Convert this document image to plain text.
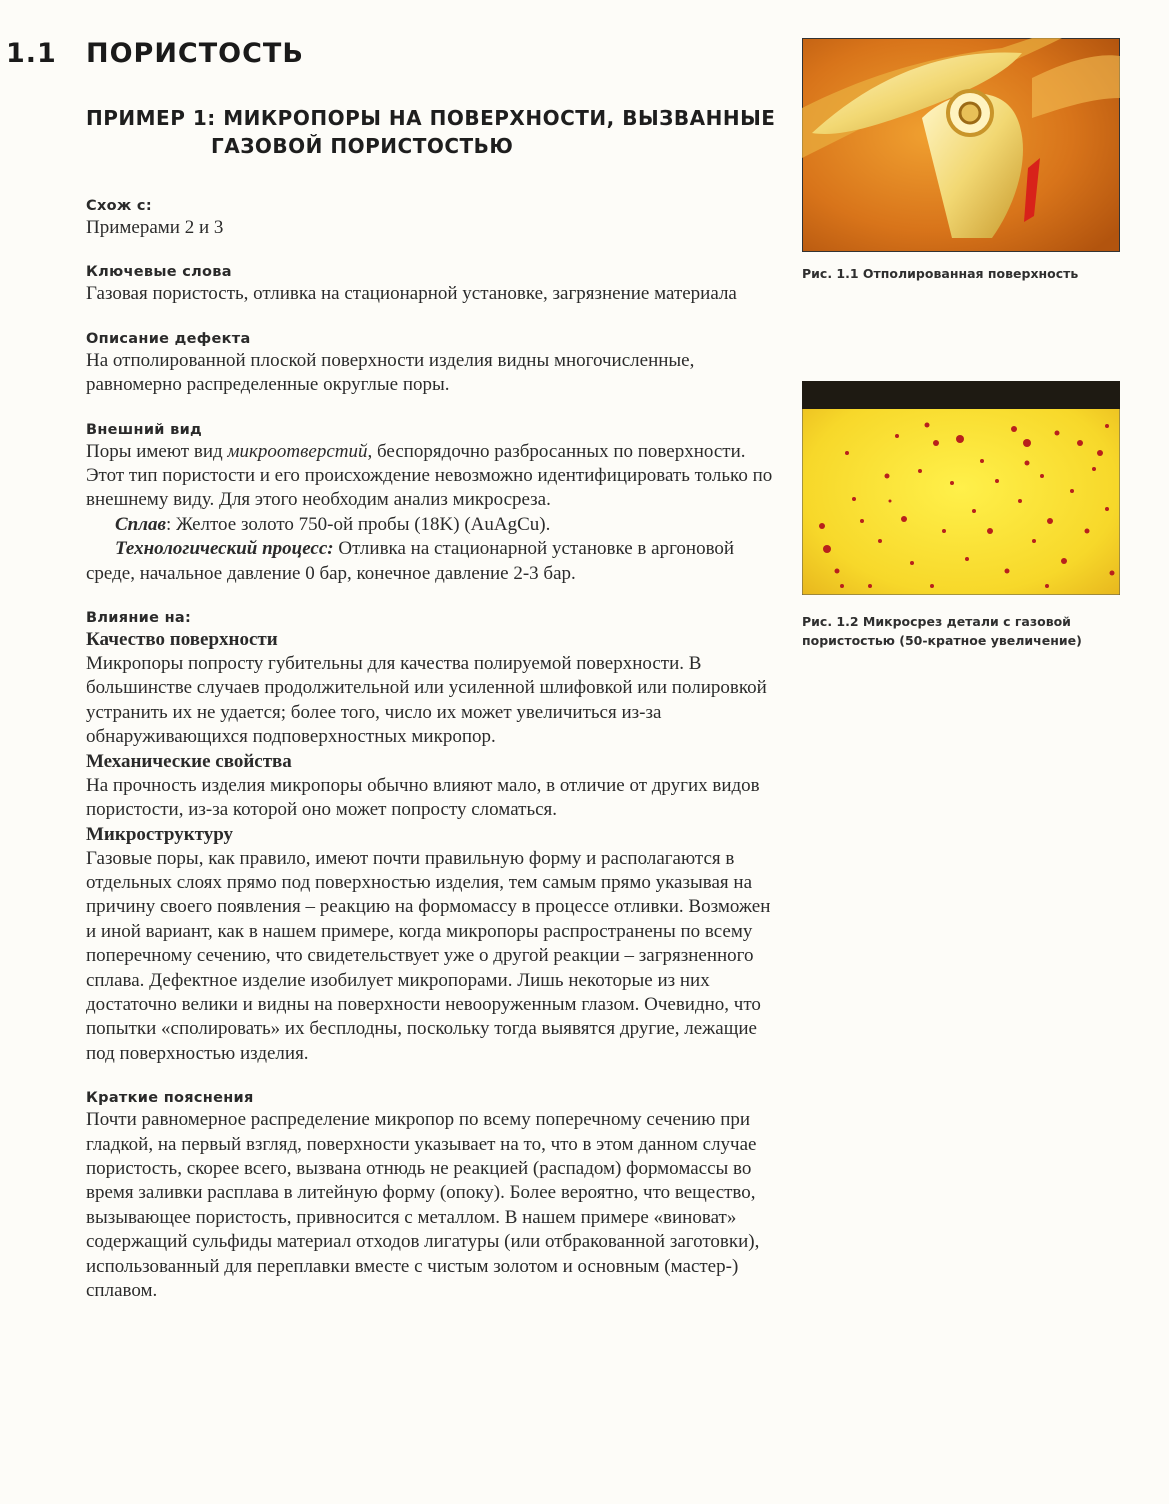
1.1 ПОРИСТОСТЬ
ПРИМЕР 1: МИКРОПОРЫ НА ПОВЕРХНОСТИ, ВЫЗВАННЫЕ
ГАЗОВОЙ ПОРИСТОСТЬЮ
Схож с:

Примерами 2 и 3

Ключевые слова

Газовая пористость, отливка на стационарной установке, загрязнение материала

Описание дефекта

На отполированной плоской поверхности изделия видны многочисленные, равномерно распределенные округлые поры.

Внешний вид

Поры имеют вид микроотверстий, беспорядочно разбросанных по поверхности. Этот тип пористости и его происхождение невозможно идентифицировать только по внешнему виду. Для этого необходим анализ микросреза.

Сплав: Желтое золото 750-ой пробы (18K) (AuAgCu).

Технологический процесс: Отливка на стационарной установке в аргоновой среде, начальное давление 0 бар, конечное давление 2-3 бар.

Влияние на:
Качество поверхности

Микропоры попросту губительны для качества полируемой поверхности. В большинстве случаев продолжительной или усиленной шлифовкой или полировкой устранить их не удается; более того, число их может увеличиться из-за обнаруживающихся подповерхностных микропор.

Механические свойства

На прочность изделия микропоры обычно влияют мало, в отличие от других видов пористости, из-за которой оно может попросту сломаться.

Микроструктуру

Газовые поры, как правило, имеют почти правильную форму и располагаются в отдельных слоях прямо под поверхностью изделия, тем самым прямо указывая на причину своего появления – реакцию на формомассу в процессе отливки. Возможен и иной вариант, как в нашем примере, когда микропоры распространены по всему поперечному сечению, что свидетельствует уже о другой реакции – загрязненного сплава. Дефектное изделие изобилует микропорами. Лишь некоторые из них достаточно велики и видны на поверхности невооруженным глазом. Очевидно, что попытки «сполировать» их бесплодны, поскольку тогда выявятся другие, лежащие под поверхностью изделия.

Краткие пояснения

Почти равномерное распределение микропор по всему поперечному сечению при гладкой, на первый взгляд, поверхности указывает на то, что в этом данном случае пористость, скорее всего, вызвана отнюдь не реакцией (распадом) формомассы во время заливки расплава в литейную форму (опоку). Более вероятно, что вещество, вызывающее пористость, привносится с металлом. В нашем примере «виноват» содержащий сульфиды материал отходов лигатуры (или отбракованной заготовки), использованный для переплавки вместе с чистым золотом и основным (мастер-) сплавом.

Рис. 1.1 Отполированная поверхность
Рис. 1.2 Микросрез детали с газовой пористостью (50-кратное увеличение)
